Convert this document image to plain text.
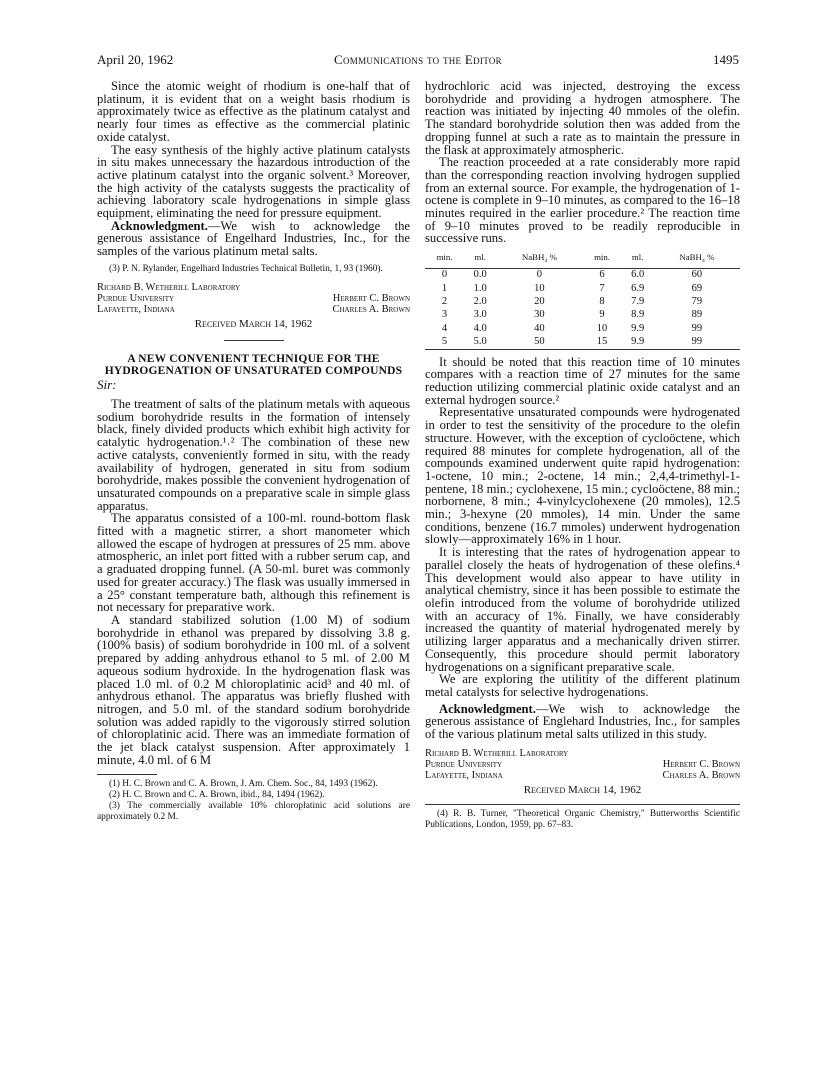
April 20, 1962	Communications to the Editor	1495

Since the atomic weight of rhodium is one-half that of platinum, it is evident that on a weight basis rhodium is approximately twice as effective as the platinum catalyst and nearly four times as effective as the commercial platinic oxide catalyst.

The easy synthesis of the highly active platinum catalysts in situ makes unnecessary the hazardous introduction of the active platinum catalyst into the organic solvent.³ Moreover, the high activity of the catalysts suggests the practicality of achieving laboratory scale hydrogenations in simple glass equipment, eliminating the need for pressure equipment.

Acknowledgment.—We wish to acknowledge the generous assistance of Engelhard Industries, Inc., for the samples of the various platinum metal salts.

(3) P. N. Rylander, Engelhard Industries Technical Bulletin, 1, 93 (1960).

Richard B. Wetherill Laboratory
Purdue University	Herbert C. Brown
Lafayette, Indiana	Charles A. Brown
Received March 14, 1962
A NEW CONVENIENT TECHNIQUE FOR THE HYDROGENATION OF UNSATURATED COMPOUNDS
Sir:

The treatment of salts of the platinum metals with aqueous sodium borohydride results in the formation of intensely black, finely divided products which exhibit high activity for catalytic hydrogenation.¹˒² The combination of these new active catalysts, conveniently formed in situ, with the ready availability of hydrogen, generated in situ from sodium borohydride, makes possible the convenient hydrogenation of unsaturated compounds on a preparative scale in simple glass apparatus.

The apparatus consisted of a 100-ml. round-bottom flask fitted with a magnetic stirrer, a short manometer which allowed the escape of hydrogen at pressures of 25 mm. above atmospheric, an inlet port fitted with a rubber serum cap, and a graduated dropping funnel. (A 50-ml. buret was commonly used for greater accuracy.) The flask was usually immersed in a 25° constant temperature bath, although this refinement is not necessary for preparative work.

A standard stabilized solution (1.00 M) of sodium borohydride in ethanol was prepared by dissolving 3.8 g. (100% basis) of sodium borohydride in 100 ml. of a solvent prepared by adding anhydrous ethanol to 5 ml. of 2.00 M aqueous sodium hydroxide. In the hydrogenation flask was placed 1.0 ml. of 0.2 M chloroplatinic acid³ and 40 ml. of anhydrous ethanol. The apparatus was briefly flushed with nitrogen, and 5.0 ml. of the standard sodium borohydride solution was added rapidly to the vigorously stirred solution of chloroplatinic acid. There was an immediate formation of the jet black catalyst suspension. After approximately 1 minute, 4.0 ml. of 6 M

(1) H. C. Brown and C. A. Brown, J. Am. Chem. Soc., 84, 1493 (1962).

(2) H. C. Brown and C. A. Brown, ibid., 84, 1494 (1962).

(3) The commercially available 10% chloroplatinic acid solutions are approximately 0.2 M.

hydrochloric acid was injected, destroying the excess borohydride and providing a hydrogen atmosphere. The reaction was initiated by injecting 40 mmoles of the olefin. The standard borohydride solution then was added from the dropping funnel at such a rate as to maintain the pressure in the flask at approximately atmospheric.

The reaction proceeded at a rate considerably more rapid than the corresponding reaction involving hydrogen supplied from an external source. For example, the hydrogenation of 1-octene is complete in 9–10 minutes, as compared to the 16–18 minutes required in the earlier procedure.² The reaction time of 9–10 minutes proved to be readily reproducible in successive runs.

min.	ml.	NaBH₄ %	min.	ml.	NaBH₄ %
0	0.0	0	6	6.0	60
1	1.0	10	7	6.9	69
2	2.0	20	8	7.9	79
3	3.0	30	9	8.9	89
4	4.0	40	10	9.9	99
5	5.0	50	15	9.9	99

It should be noted that this reaction time of 10 minutes compares with a reaction time of 27 minutes for the same reduction utilizing commercial platinic oxide catalyst and an external hydrogen source.²

Representative unsaturated compounds were hydrogenated in order to test the sensitivity of the procedure to the olefin structure. However, with the exception of cycloöctene, which required 88 minutes for complete hydrogenation, all of the compounds examined underwent quite rapid hydrogenation: 1-octene, 10 min.; 2-octene, 14 min.; 2,4,4-trimethyl-1-pentene, 18 min.; cyclohexene, 15 min.; cycloöctene, 88 min.; norbornene, 8 min.; 4-vinylcyclohexene (20 mmoles), 12.5 min.; 3-hexyne (20 mmoles), 14 min. Under the same conditions, benzene (16.7 mmoles) underwent hydrogenation slowly—approximately 16% in 1 hour.

It is interesting that the rates of hydrogenation appear to parallel closely the heats of hydrogenation of these olefins.⁴ This development would also appear to have utility in analytical chemistry, since it has been possible to estimate the olefin introduced from the volume of borohydride utilized with an accuracy of 1%. Finally, we have considerably increased the quantity of material hydrogenated merely by utilizing larger apparatus and a mechanically driven stirrer. Consequently, this procedure should permit laboratory hydrogenations on a significant preparative scale.

We are exploring the utilitity of the different platinum metal catalysts for selective hydrogenations.

Acknowledgment.—We wish to acknowledge the generous assistance of Englehard Industries, Inc., for samples of the various platinum metal salts utilized in this study.

Richard B. Wetherill Laboratory
Purdue University	Herbert C. Brown
Lafayette, Indiana	Charles A. Brown
Received March 14, 1962

(4) R. B. Turner, "Theoretical Organic Chemistry," Butterworths Scientific Publications, London, 1959, pp. 67–83.
